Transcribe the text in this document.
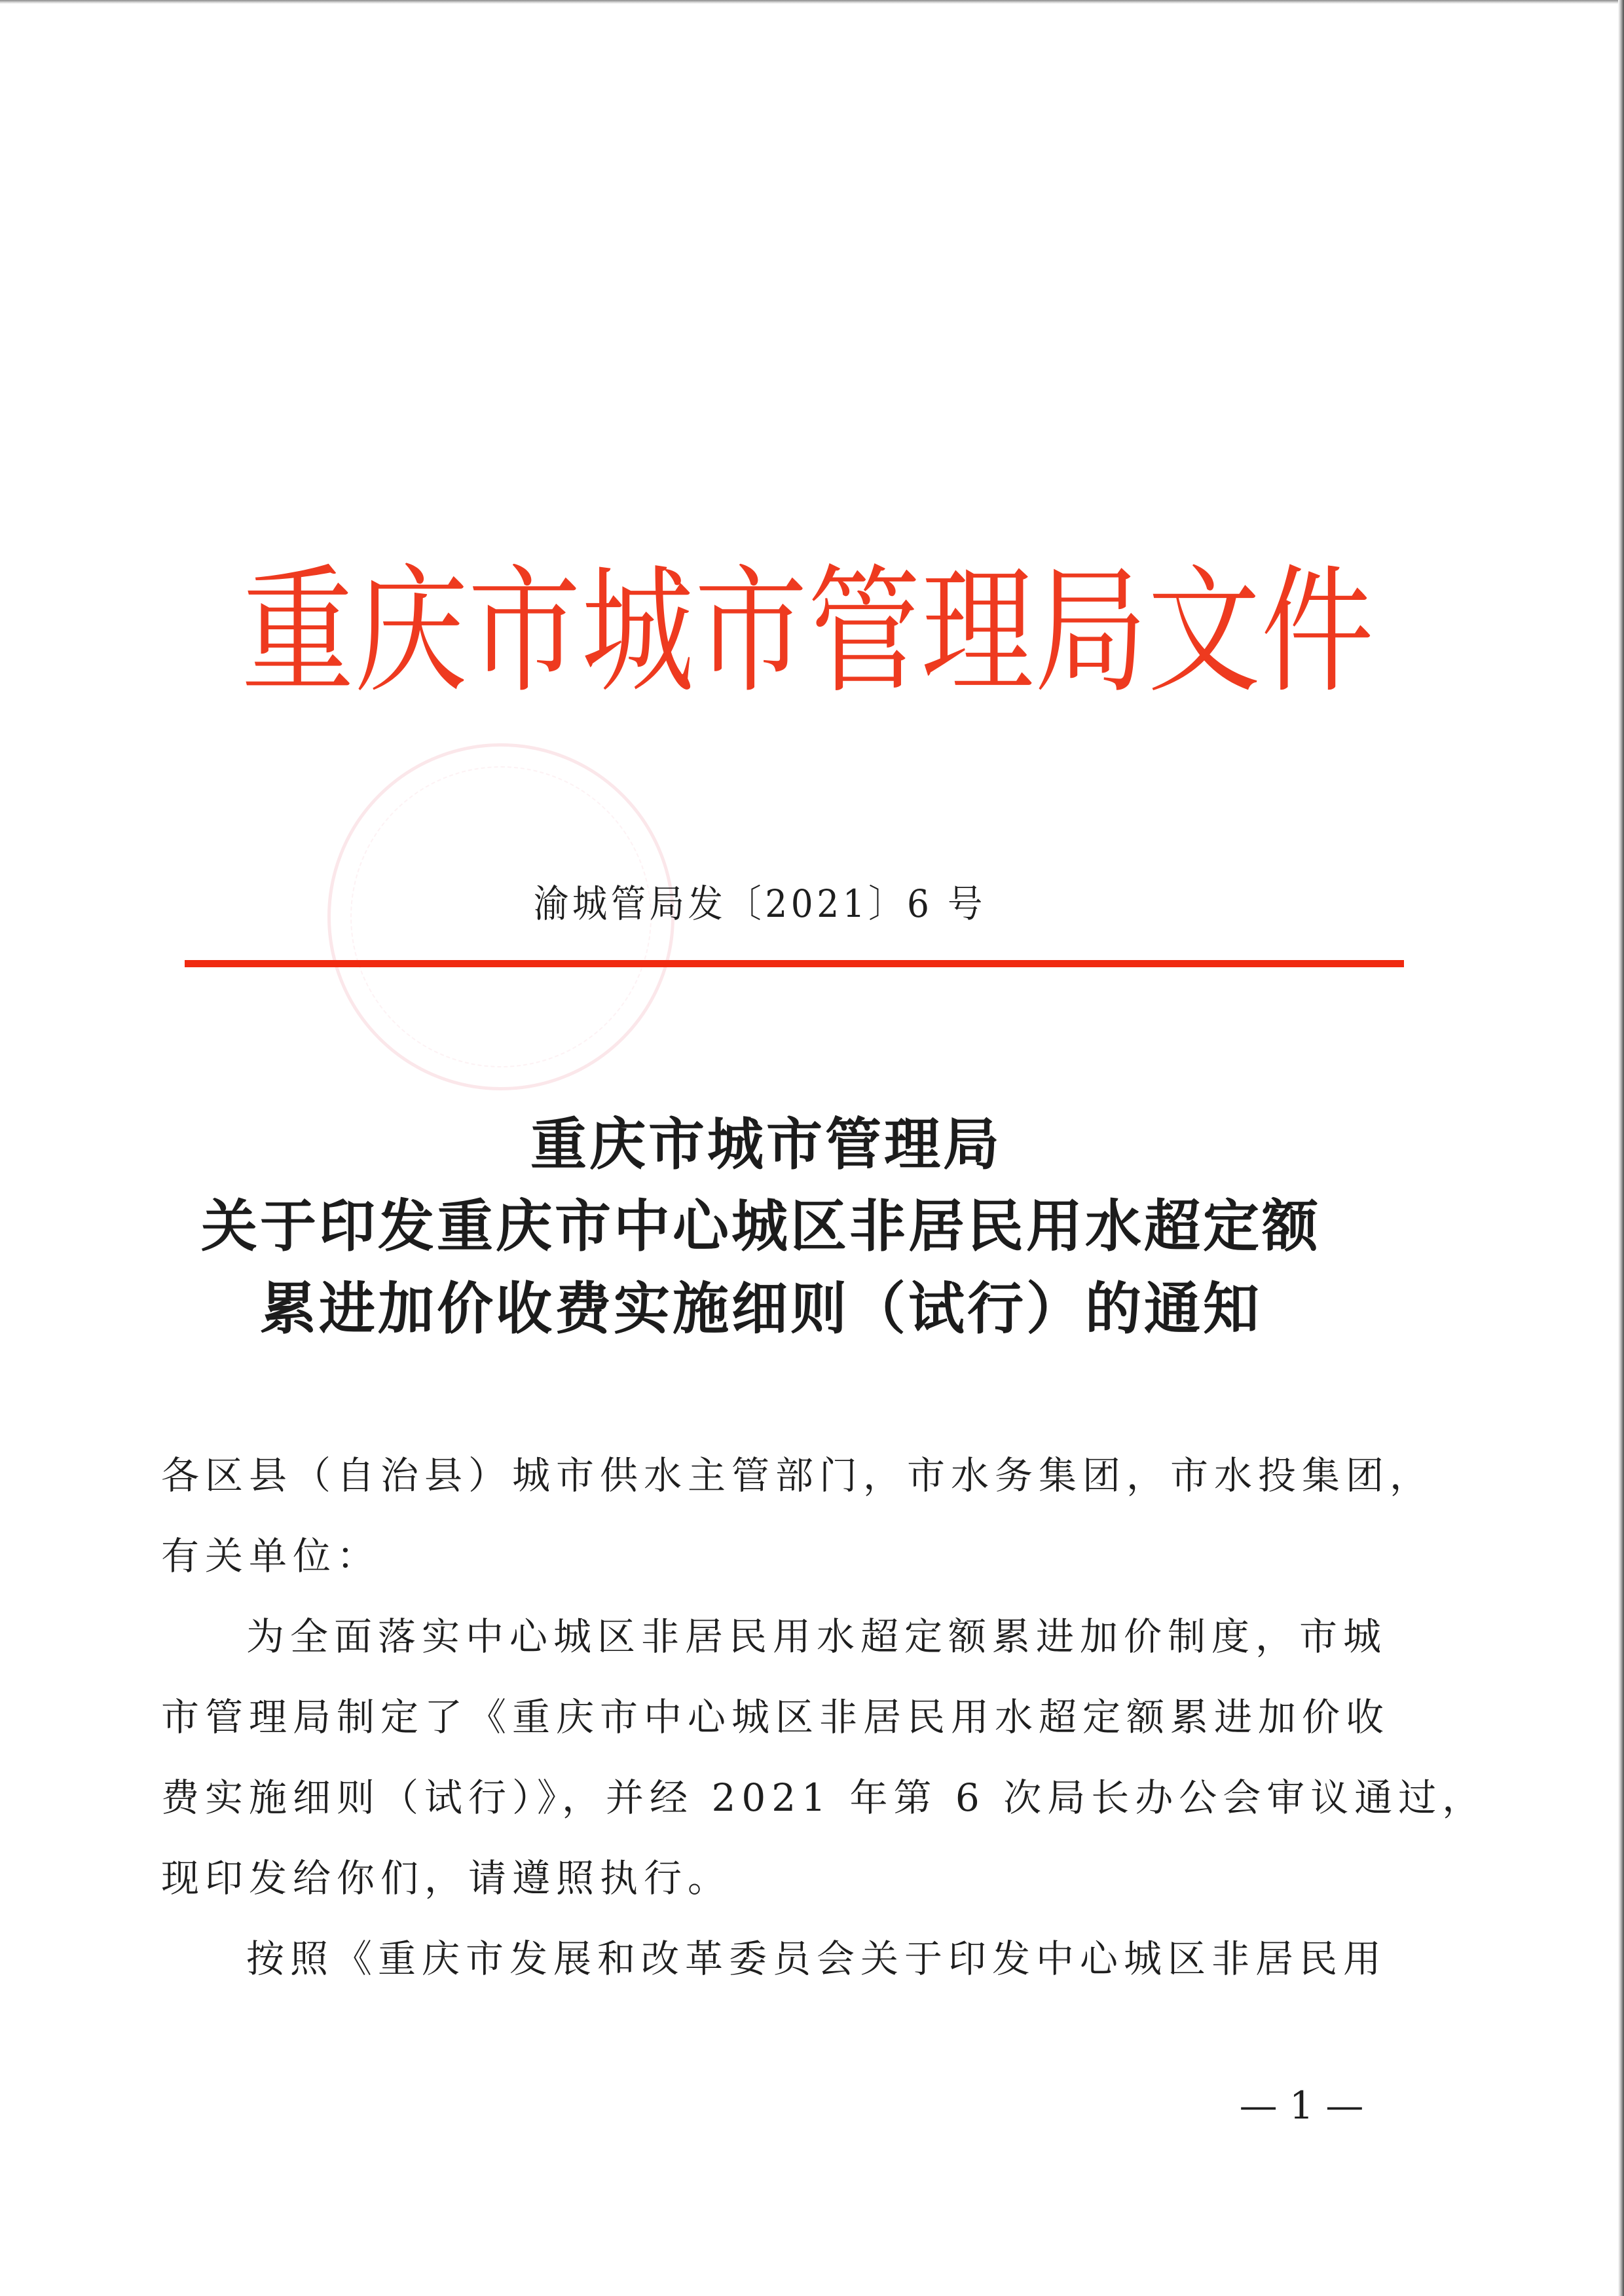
重 庆 市 城 市 管 理 局 文 件
渝城管局发〔2021〕6 号
重庆市城市管理局
关于印发重庆市中心城区非居民用水超定额
累进加价收费实施细则（试行）的通知
各区县（自治县）城市供水主管部门，市水务集团，市水投集团，
有关单位：
为全面落实中心城区非居民用水超定额累进加价制度，市城
市管理局制定了《重庆市中心城区非居民用水超定额累进加价收
费实施细则（试行）》，并经 2021 年第 6 次局长办公会审议通过，
现印发给你们，请遵照执行。
按照《重庆市发展和改革委员会关于印发中心城区非居民用
— 1 —
